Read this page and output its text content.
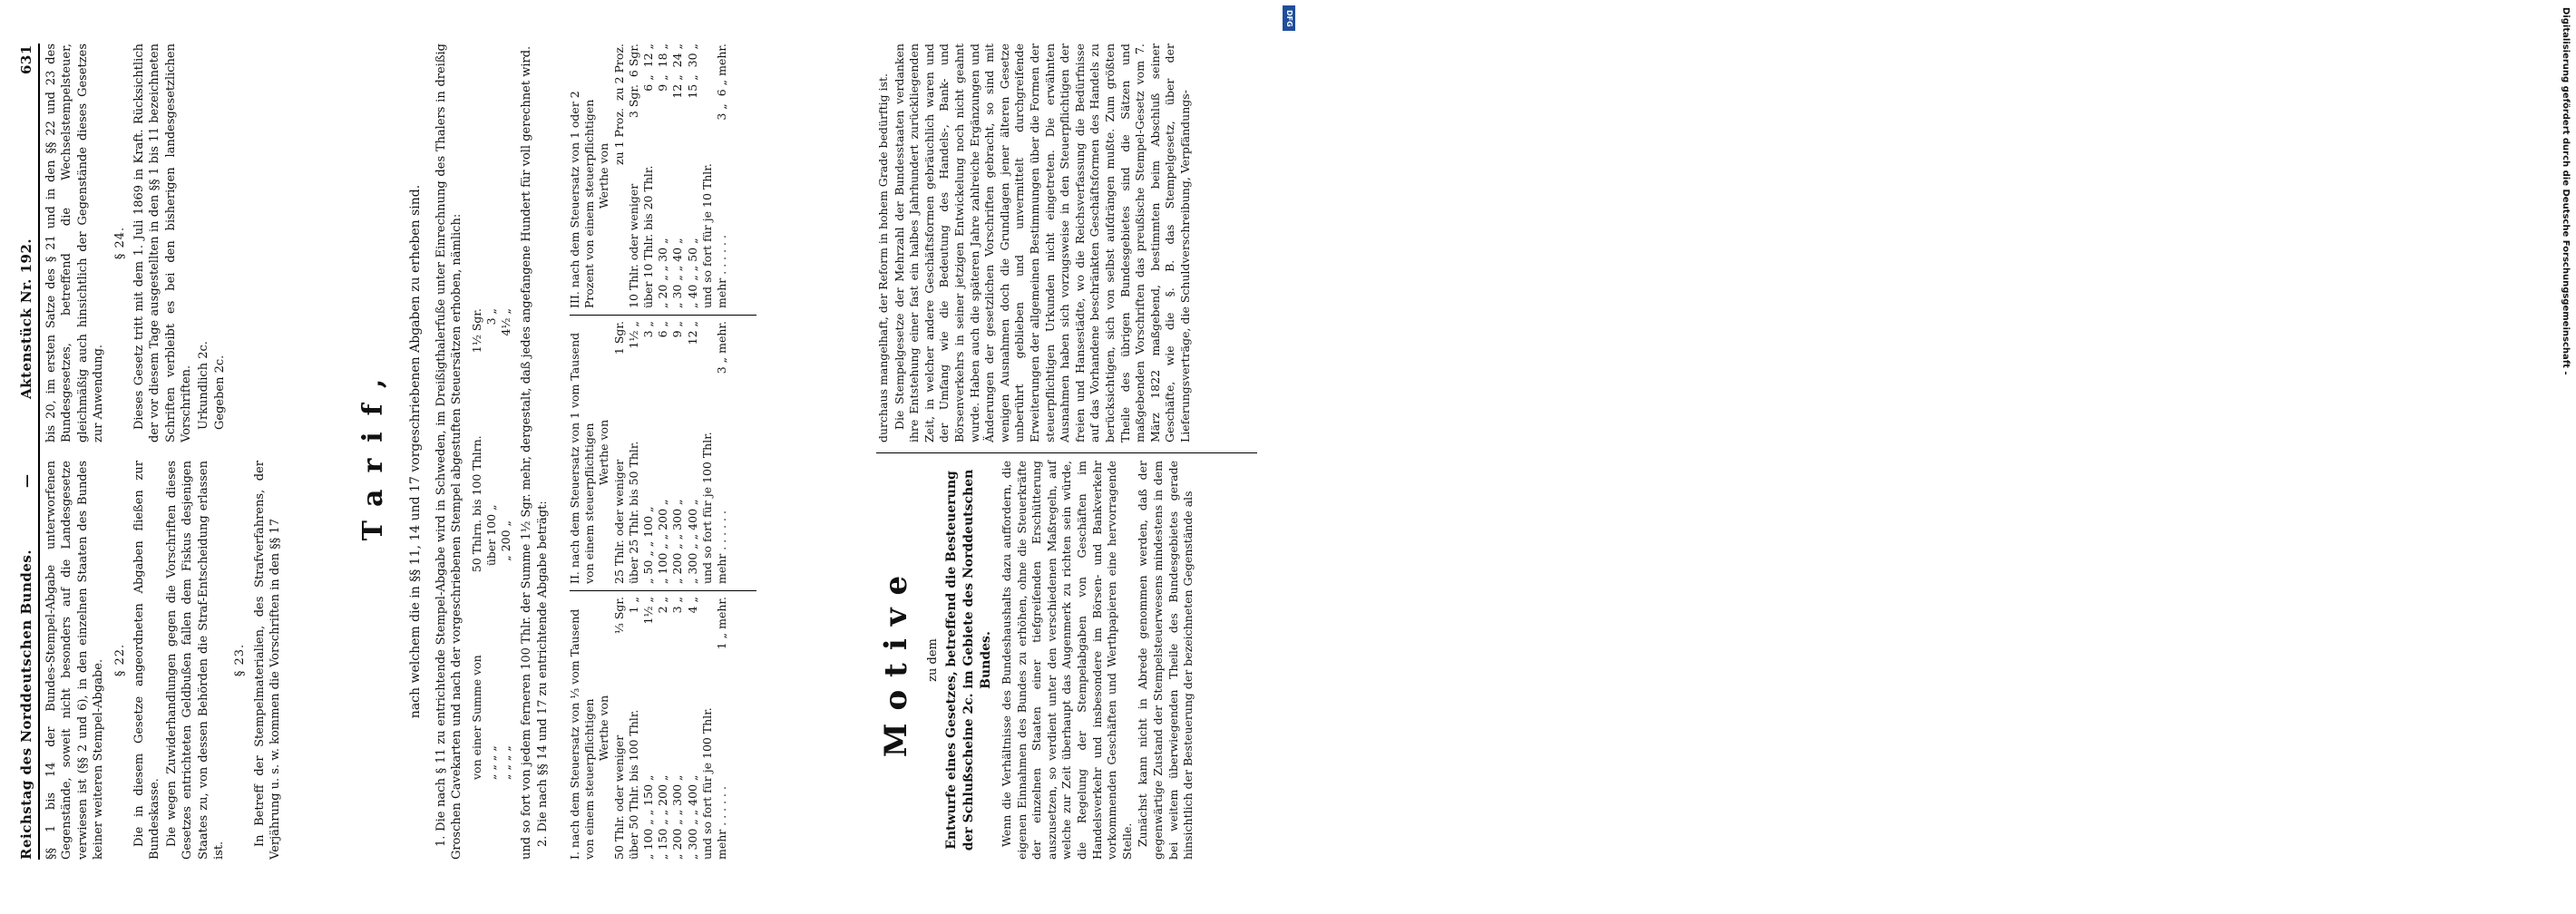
Reichstag des Norddeutschen Bundes.
—
Aktenstück Nr. 192.
631

§§ 1 bis 14 der Bundes-Stempel-Abgabe unterworfenen Gegenstände, soweit nicht besonders auf die Landesgesetze verwiesen ist (§§ 2 und 6), in den einzelnen Staaten des Bundes keiner weiteren Stempel-Abgabe. § 22. Die in diesem Gesetze angeordneten Abgaben fließen zur Bundeskasse. Die wegen Zuwiderhandlungen gegen die Vorschriften dieses Gesetzes entrichteten Geldbußen fallen dem Fiskus desjenigen Staates zu, von dessen Behörden die Straf-Entscheidung erlassen ist.

§ 23. In Betreff der Stempelmaterialien, des Strafverfahrens, der Verjährung u. s. w. kommen die Vorschriften in den §§ 17

bis 20, im ersten Satze des § 21 und in den §§ 22 und 23 des Bundesgesetzes, betreffend die Wechselstempelsteuer, gleichmäßig auch hinsichtlich der Gegenstände dieses Gesetzes zur Anwendung.

§ 24. Dieses Gesetz tritt mit dem 1. Juli 1869 in Kraft. Rücksichtlich der vor diesem Tage ausgestellten in den §§ 1 bis 11 bezeichneten Schriften verbleibt es bei den bisherigen landesgesetzlichen Vorschriften. Urkundlich 2c. Gegeben 2c.	Tarif, nach welchem die in §§ 11, 14 und 17 vorgeschriebenen Abgaben zu erheben sind. 1. Die nach § 11 zu entrichtende Stempel-Abgabe wird in Schweden, im Dreißigthalerfuße unter Einrechnung des Thalers in dreißig Groschen Cavekarten und nach der vorgeschriebenen Stempel abgestuften Steuersätzen erhoben, nämlich: von einer Summe von
50 Thlrn. bis 100 Thlrn.
1½ Sgr.
„ „ „ „
über 100 „
3 „
„ „ „ „
„ 200 „
4½ „ und so fort von jedem ferneren 100 Thlr. der Summe 1½ Sgr. mehr, dergestalt, daß jedes angefangene Hundert für voll gerechnet wird. 2. Die nach §§ 14 und 17 zu entrichtende Abgabe beträgt: I. nach dem Steuersatz von ⅓ vom Tausend von einem steuerpflichtigen Werthe von
50 Thlr. oder weniger
⅓ Sgr.
über 50 Thlr. bis 100 Thlr.
1 „
„ 100 „ „ 150 „
1½ „
„ 150 „ „ 200 „
2 „
„ 200 „ „ 300 „
3 „
„ 300 „ „ 400 „
4 „
und so fort für je 100 Thlr. mehr . . . . . .
1 „ mehr.
II. nach dem Steuersatz von 1 vom Tausend von einem steuerpflichtigen Werthe von
25 Thlr. oder weniger
1 Sgr.
über 25 Thlr. bis 50 Thlr.
1½ „
„ 50 „ „ 100 „
3 „
„ 100 „ „ 200 „
6 „
„ 200 „ „ 300 „
9 „
„ 300 „ „ 400 „
12 „
und so fort für je 100 Thlr. mehr . . . . . .
3 „ mehr.
III. nach dem Steuersatz von 1 oder 2 Prozent von einem steuerpflichtigen Werthe von
zu 1 Proz.  zu 2 Proz.
10 Thlr. oder weniger
3 Sgr.  6 Sgr.
über 10 Thlr. bis 20 Thlr.
6 „  12 „
„ 20 „ „ 30 „
9 „  18 „
„ 30 „ „ 40 „
12 „  24 „
„ 40 „ „ 50 „
15 „  30 „
und so fort für je 10 Thlr.
mehr . . . . . .
3 „  6 „ mehr.
Motive zu dem Entwurfe eines Gesetzes, betreffend die Besteuerung der Schlußscheine 2c. im Gebiete des Norddeutschen Bundes. Wenn die Verhältnisse des Bundeshaushalts dazu auffordern, die eigenen Einnahmen des Bundes zu erhöhen, ohne die Steuerkräfte der einzelnen Staaten einer tiefgreifenden Erschütterung auszusetzen, so verdient unter den verschiedenen Maßregeln, auf welche zur Zeit überhaupt das Augenmerk zu richten sein würde, die Regelung der Stempelabgaben von Geschäften im Handelsverkehr und insbesondere im Börsen- und Bankverkehr vorkommenden Geschäften und Werthpapieren eine hervorragende Stelle. Zunächst kann nicht in Abrede genommen werden, daß der gegenwärtige Zustand der Stempelsteuerwesens mindestens in dem bei weitem überwiegenden Theile des Bundesgebietes gerade hinsichtlich der Besteuerung der bezeichneten Gegenstände als

durchaus mangelhaft, der Reform in hohem Grade bedürftig ist. Die Stempelgesetze der Mehrzahl der Bundesstaaten verdanken ihre Entstehung einer fast ein halbes Jahrhundert zurückliegenden Zeit, in welcher andere Geschäftsformen gebräuchlich waren und der Umfang wie die Bedeutung des Handels-, Bank- und Börsenverkehrs in seiner jetzigen Entwickelung noch nicht geahnt wurde. Haben auch die späteren Jahre zahlreiche Ergänzungen und Änderungen der gesetzlichen Vorschriften gebracht, so sind mit wenigen Ausnahmen doch die Grundlagen jener älteren Gesetze unberührt geblieben und unvermittelt durchgreifende Erweiterungen der allgemeinen Bestimmungen über die Formen der steuerpflichtigen Urkunden nicht eingetreten. Die erwähnten Ausnahmen haben sich vorzugsweise in den Steuerpflichtigen der freien und Hansestädte, wo die Reichsverfassung die Bedürfnisse auf das Vorhandene beschränkten Geschäftsformen des Handels zu berücksichtigen, sich von selbst aufdrängen mußte. Zum größten Theile des übrigen Bundesgebietes sind die Sätzen und maßgebenden Vorschriften das preußische Stempel-Gesetz vom 7. März 1822 maßgebend, bestimmten beim Abschluß seiner Geschäfte, wie die §. B. das Stempelgesetz, über der Lieferungsverträge, die Schuldverschreibung, Verpfändungs-	Digitalisierung gefördert durch die Deutsche Forschungsgemeinschaft -
DFG
